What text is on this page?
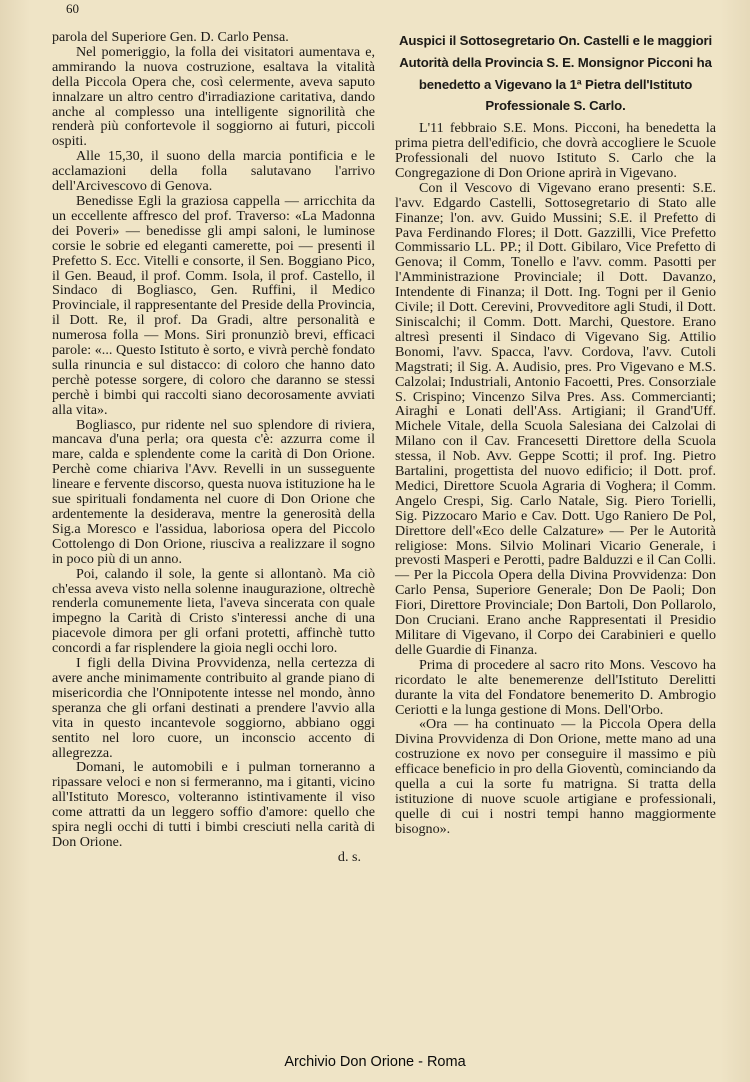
60

parola del Superiore Gen. D. Carlo Pensa.

Nel pomeriggio, la folla dei visitatori aumentava e, ammirando la nuova costruzione, esaltava la vitalità della Piccola Opera che, così celermente, aveva saputo innalzare un altro centro d'irradiazione caritativa, dando anche al complesso una intelligente signorilità che renderà più confortevole il soggiorno ai futuri, piccoli ospiti.

Alle 15,30, il suono della marcia pontificia e le acclamazioni della folla salutavano l'arrivo dell'Arcivescovo di Genova.

Benedisse Egli la graziosa cappella — arricchita da un eccellente affresco del prof. Traverso: «La Madonna dei Poveri» — benedisse gli ampi saloni, le luminose corsie le sobrie ed eleganti camerette, poi — presenti il Prefetto S. Ecc. Vitelli e consorte, il Sen. Boggiano Pico, il Gen. Beaud, il prof. Comm. Isola, il prof. Castello, il Sindaco di Bogliasco, Gen. Ruffini, il Medico Provinciale, il rappresentante del Preside della Provincia, il Dott. Re, il prof. Da Gradi, altre personalità e numerosa folla — Mons. Siri pronunziò brevi, efficaci parole: «... Questo Istituto è sorto, e vivrà perchè fondato sulla rinuncia e sul distacco: di coloro che hanno dato perchè potesse sorgere, di coloro che daranno se stessi perchè i bimbi qui raccolti siano decorosamente avviati alla vita».

Bogliasco, pur ridente nel suo splendore di riviera, mancava d'una perla; ora questa c'è: azzurra come il mare, calda e splendente come la carità di Don Orione. Perchè come chiariva l'Avv. Revelli in un susseguente lineare e fervente discorso, questa nuova istituzione ha le sue spirituali fondamenta nel cuore di Don Orione che ardentemente la desiderava, mentre la generosità della Sig.a Moresco e l'assidua, laboriosa opera del Piccolo Cottolengo di Don Orione, riusciva a realizzare il sogno in poco più di un anno.

Poi, calando il sole, la gente si allontanò. Ma ciò ch'essa aveva visto nella solenne inaugurazione, oltrechè renderla comunemente lieta, l'aveva sincerata con quale impegno la Carità di Cristo s'interessi anche di una piacevole dimora per gli orfani protetti, affinchè tutto concordi a far risplendere la gioia negli occhi loro.

I figli della Divina Provvidenza, nella certezza di avere anche minimamente contribuito al grande piano di misericordia che l'Onnipotente intesse nel mondo, ànno speranza che gli orfani destinati a prendere l'avvio alla vita in questo incantevole soggiorno, abbiano oggi sentito nel loro cuore, un inconscio accento di allegrezza.

Domani, le automobili e i pulman torneranno a ripassare veloci e non si fermeranno, ma i gitanti, vicino all'Istituto Moresco, volteranno istintivamente il viso come attratti da un leggero soffio d'amore: quello che spira negli occhi di tutti i bimbi cresciuti nella carità di Don Orione.

d. s.

Auspici il Sottosegretario On. Castelli e le maggiori Autorità della Provincia S. E. Monsignor Picconi ha benedetto a Vigevano la 1ª Pietra dell'Istituto Professionale S. Carlo.

L'11 febbraio S.E. Mons. Picconi, ha benedetta la prima pietra dell'edificio, che dovrà accogliere le Scuole Professionali del nuovo Istituto S. Carlo che la Congregazione di Don Orione aprirà in Vigevano.

Con il Vescovo di Vigevano erano presenti: S.E. l'avv. Edgardo Castelli, Sottosegretario di Stato alle Finanze; l'on. avv. Guido Mussini; S.E. il Prefetto di Pava Ferdinando Flores; il Dott. Gazzilli, Vice Prefetto Commissario LL. PP.; il Dott. Gibilaro, Vice Prefetto di Genova; il Comm, Tonello e l'avv. comm. Pasotti per l'Amministrazione Provinciale; il Dott. Davanzo, Intendente di Finanza; il Dott. Ing. Togni per il Genio Civile; il Dott. Cerevini, Provveditore agli Studi, il Dott. Siniscalchi; il Comm. Dott. Marchi, Questore. Erano altresì presenti il Sindaco di Vigevano Sig. Attilio Bonomi, l'avv. Spacca, l'avv. Cordova, l'avv. Cutoli Magstrati; il Sig. A. Audisio, pres. Pro Vigevano e M.S. Calzolai; Industriali, Antonio Facoetti, Pres. Consorziale S. Crispino; Vincenzo Silva Pres. Ass. Commercianti; Airaghi e Lonati dell'Ass. Artigiani; il Grand'Uff. Michele Vitale, della Scuola Salesiana dei Calzolai di Milano con il Cav. Francesetti Direttore della Scuola stessa, il Nob. Avv. Geppe Scotti; il prof. Ing. Pietro Bartalini, progettista del nuovo edificio; il Dott. prof. Medici, Direttore Scuola Agraria di Voghera; il Comm. Angelo Crespi, Sig. Carlo Natale, Sig. Piero Torielli, Sig. Pizzocaro Mario e Cav. Dott. Ugo Raniero De Pol, Direttore dell'«Eco delle Calzature» — Per le Autorità religiose: Mons. Silvio Molinari Vicario Generale, i prevosti Masperi e Perotti, padre Balduzzi e il Can Colli. — Per la Piccola Opera della Divina Provvidenza: Don Carlo Pensa, Superiore Generale; Don De Paoli; Don Fiori, Direttore Provinciale; Don Bartoli, Don Pollarolo, Don Cruciani. Erano anche Rappresentati il Presidio Militare di Vigevano, il Corpo dei Carabinieri e quello delle Guardie di Finanza.

Prima di procedere al sacro rito Mons. Vescovo ha ricordato le alte benemerenze dell'Istituto Derelitti durante la vita del Fondatore benemerito D. Ambrogio Ceriotti e la lunga gestione di Mons. Dell'Orbo.

«Ora — ha continuato — la Piccola Opera della Divina Provvidenza di Don Orione, mette mano ad una costruzione ex novo per conseguire il massimo e più efficace beneficio in pro della Gioventù, cominciando da quella a cui la sorte fu matrigna. Si tratta della istituzione di nuove scuole artigiane e professionali, quelle di cui i nostri tempi hanno maggiormente bisogno».

Archivio Don Orione - Roma
